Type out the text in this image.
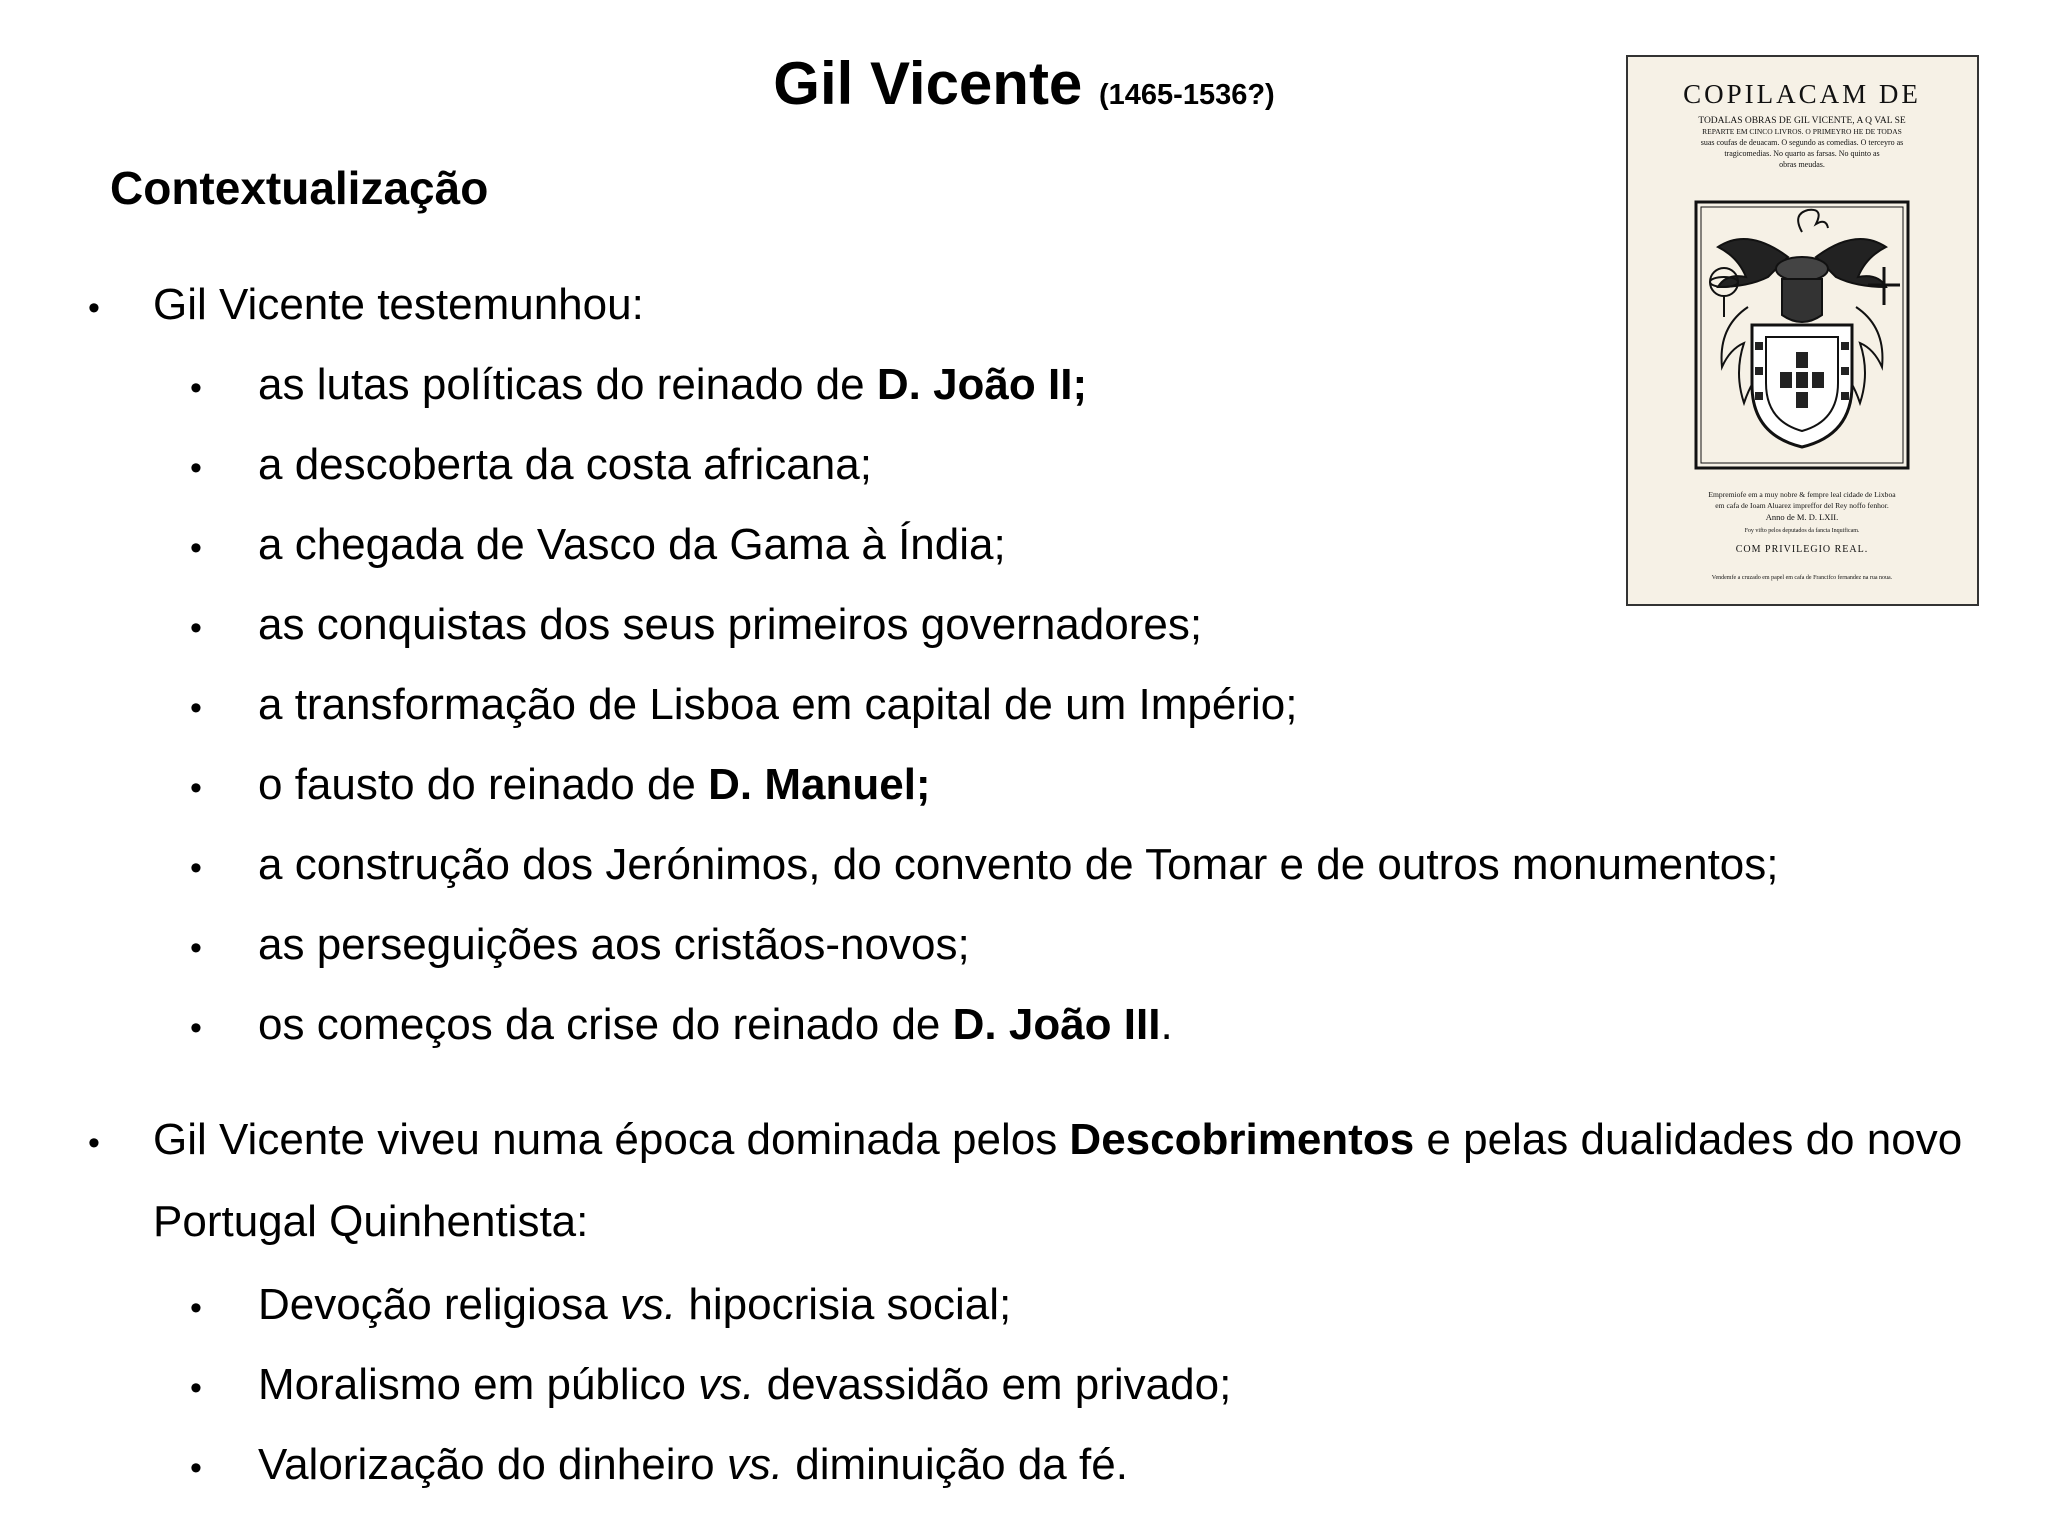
Gil Vicente (1465-1536?)
Contextualização
• Gil Vicente testemunhou:
• as lutas políticas do reinado de D. João II;
• a descoberta da costa africana;
• a chegada de Vasco da Gama à Índia;
• as conquistas dos seus primeiros governadores;
• a transformação de Lisboa em capital de um Império;
• o fausto do reinado de D. Manuel;
• a construção dos Jerónimos, do convento de Tomar e de outros monumentos;
• as perseguições aos cristãos-novos;
• os começos da crise do reinado de D. João III.
• Gil Vicente viveu numa época dominada pelos Descobrimentos e pelas dualidades do novo Portugal Quinhentista:
• Devoção religiosa vs. hipocrisia social;
• Moralismo em público vs. devassidão em privado;
• Valorização do dinheiro vs. diminuição da fé.
COPILACAM DE
TODALAS OBRAS DE GIL VICENTE, A Q VAL SE
REPARTE EM CINCO LIVROS. O PRIMEYRO HE DE TODAS
suas coufas de deuacam. O segundo as comedias. O terceyro as
tragicomedias. No quarto as farsas. No quinto as
obras meudas.
Empremiofe em a muy nobre & fempre leal cidade de Lixboa
em cafa de Ioam Aluarez impreffor del Rey noffo fenhor.
Anno de M. D. LXII.
Foy vifto pelos deputados da fancta Inquificam.
COM PRIVILEGIO REAL.
Vendemfe a cruzado em papel em cafa de Francifco fernandez na rua noua.
